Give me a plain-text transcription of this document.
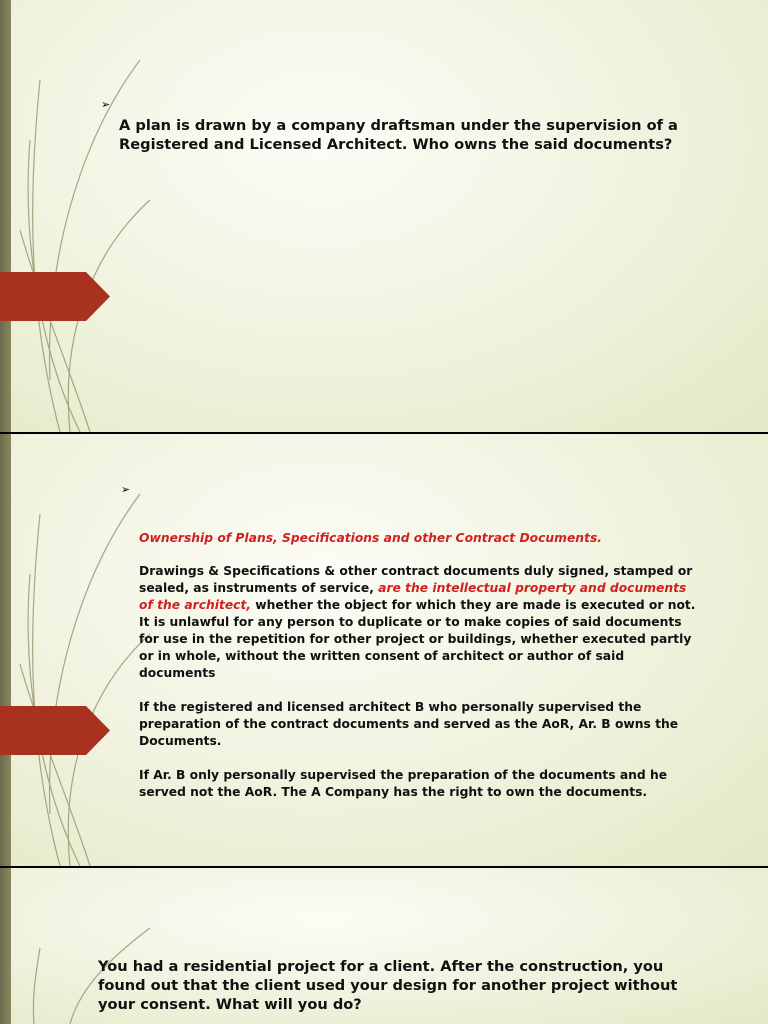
➢
A plan is drawn by a company draftsman under the supervision of a Registered and Licensed Architect. Who owns the said documents?
➢

Ownership of Plans, Specifications and other Contract Documents.

Drawings & Specifications & other contract documents duly signed, stamped or sealed, as instruments of service, are the intellectual property and documents of the architect, whether the object for which they are made is executed or not. It is unlawful for any person to duplicate or to make copies of said documents for use in the repetition for other project or buildings, whether executed partly or in whole, without the written consent of architect or author of said documents

If the registered and licensed architect B who personally supervised the preparation of the contract documents and served as the AoR, Ar. B owns the Documents.

If Ar. B only personally supervised the preparation of the documents and he served not the AoR. The A Company has the right to own the documents.

You had a residential project for a client. After the construction, you found out that the client used your design for another project without your consent. What will you do?
